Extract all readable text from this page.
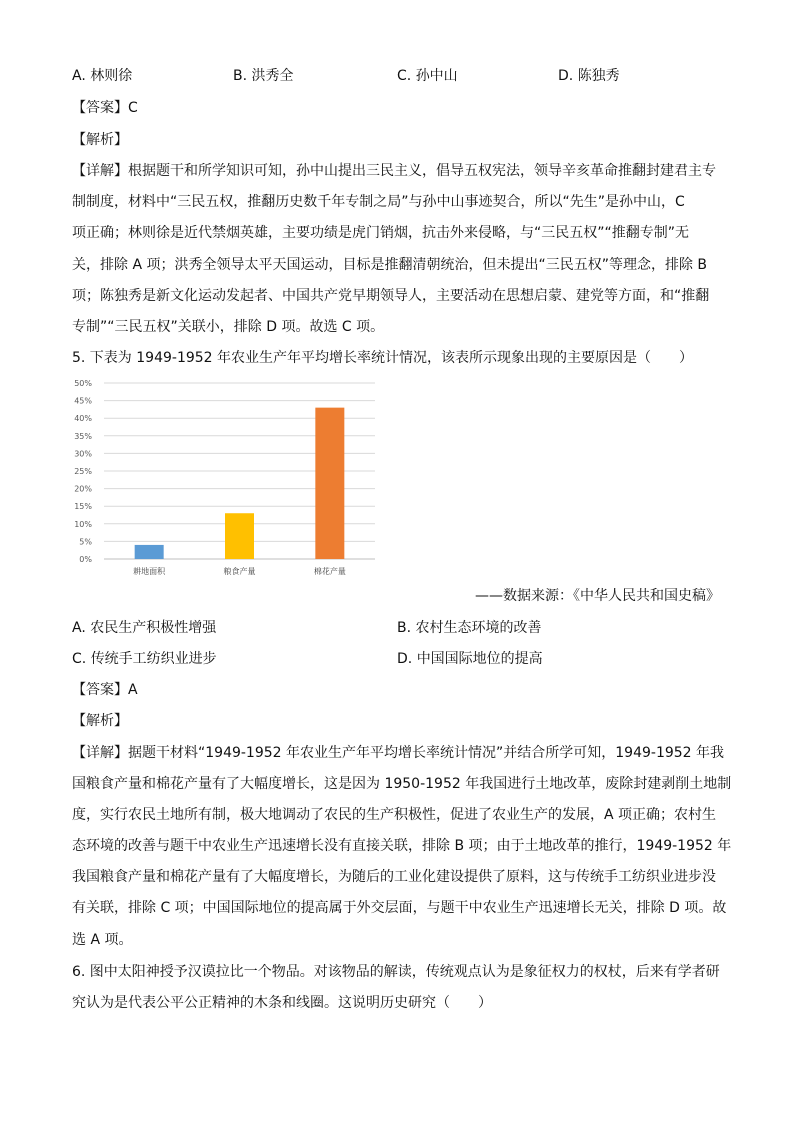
A. 林则徐	B. 洪秀全	C. 孙中山	D. 陈独秀
【答案】C
【解析】
【详解】根据题干和所学知识可知，孙中山提出三民主义，倡导五权宪法，领导辛亥革命推翻封建君主专
制制度，材料中“三民五权，推翻历史数千年专制之局”与孙中山事迹契合，所以“先生”是孙中山，C
项正确；林则徐是近代禁烟英雄，主要功绩是虎门销烟，抗击外来侵略，与“三民五权”“推翻专制”无
关，排除 A 项；洪秀全领导太平天国运动，目标是推翻清朝统治，但未提出“三民五权”等理念，排除 B
项；陈独秀是新文化运动发起者、中国共产党早期领导人，主要活动在思想启蒙、建党等方面，和“推翻
专制”“三民五权”关联小，排除 D 项。故选 C 项。
5. 下表为 1949-1952 年农业生产年平均增长率统计情况，该表所示现象出现的主要原因是（　　）
0%
5%
10%
15%
20%
25%
30%
35%
40%
45%
50%
耕地面积	粮食产量	棉花产量
——数据来源：《中华人民共和国史稿》
A. 农民生产积极性增强	B. 农村生态环境的改善
C. 传统手工纺织业进步	D. 中国国际地位的提高
【答案】A
【解析】
【详解】据题干材料“1949-1952 年农业生产年平均增长率统计情况”并结合所学可知，1949-1952 年我
国粮食产量和棉花产量有了大幅度增长，这是因为 1950-1952 年我国进行土地改革，废除封建剥削土地制
度，实行农民土地所有制，极大地调动了农民的生产积极性，促进了农业生产的发展，A 项正确；农村生
态环境的改善与题干中农业生产迅速增长没有直接关联，排除 B 项；由于土地改革的推行，1949-1952 年
我国粮食产量和棉花产量有了大幅度增长，为随后的工业化建设提供了原料，这与传统手工纺织业进步没
有关联，排除 C 项；中国国际地位的提高属于外交层面，与题干中农业生产迅速增长无关，排除 D 项。故
选 A 项。
6. 图中太阳神授予汉谟拉比一个物品。对该物品的解读，传统观点认为是象征权力的权杖，后来有学者研
究认为是代表公平公正精神的木条和线圈。这说明历史研究（　　）
